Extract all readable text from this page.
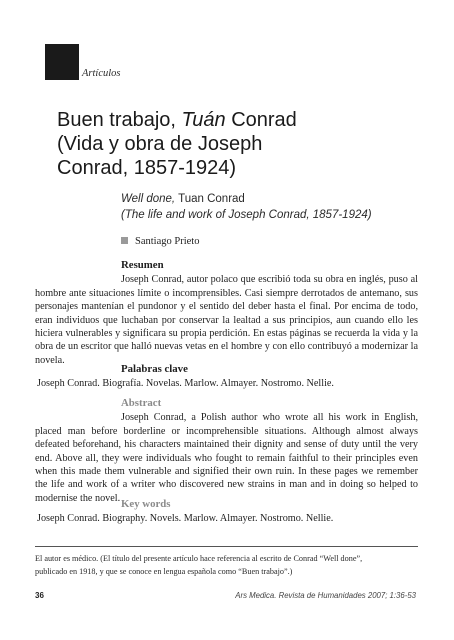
Artículos
Buen trabajo, Tuán Conrad
(Vida y obra de Joseph
Conrad, 1857-1924)
Well done, Tuan Conrad
(The life and work of Joseph Conrad, 1857-1924)
Santiago Prieto
Resumen

Joseph Conrad, autor polaco que escribió toda su obra en inglés, puso al hombre ante situaciones límite o incomprensibles. Casi siempre derrotados de antemano, sus personajes mantenían el pundonor y el sentido del deber hasta el final. Por encima de todo, eran individuos que luchaban por conservar la lealtad a sus principios, aun cuando ello les hiciera vulnerables y significara su propia perdición. En estas páginas se recuerda la vida y la obra de un escritor que halló nuevas vetas en el hombre y con ello contribuyó a modernizar la novela.

Palabras clave

Joseph Conrad. Biografía. Novelas. Marlow. Almayer. Nostromo. Nellie.

Abstract

Joseph Conrad, a Polish author who wrote all his work in English, placed man before borderline or incomprehensible situations. Although almost always defeated beforehand, his characters maintained their dignity and sense of duty until the very end. Above all, they were individuals who fought to remain faithful to their principles even when this made them vulnerable and signified their own ruin. In these pages we remember the life and work of a writer who discovered new strains in man and in doing so helped to modernise the novel. Key words

Joseph Conrad. Biography. Novels. Marlow. Almayer. Nostromo. Nellie.

El autor es médico. (El título del presente artículo hace referencia al escrito de Conrad “Well done”,
publicado en 1918, y que se conoce en lengua española como “Buen trabajo”.)
36	Ars Medica. Revista de Humanidades 2007; 1:36-53
